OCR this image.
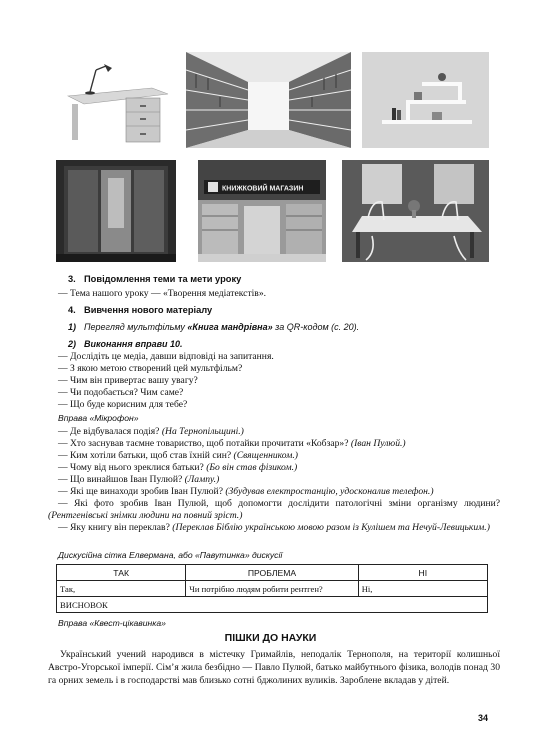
КНИЖКОВИЙ МАГАЗИН
3. Повідомлення теми та мети уроку
— Тема нашого уроку — «Творення медіатекстів».
4. Вивчення нового матеріалу
1) Перегляд мультфільму «Книга мандрівна» за QR-кодом (с. 20).
2) Виконання вправи 10.
— Дослідіть це медіа, давши відповіді на запитання.
— З якою метою створений цей мультфільм?
— Чим він привертає вашу увагу?
— Чи подобається? Чим саме?
— Що буде корисним для тебе?
Вправа «Мікрофон»
— Де відбувалася подія? (На Тернопільщині.)
— Хто заснував таємне товариство, щоб потайки прочитати «Кобзар»? (Іван Пулюй.)
— Ким хотіли батьки, щоб став їхній син? (Священником.)
— Чому від нього зреклися батьки? (Бо він став фізиком.)
— Що винайшов Іван Пулюй? (Лампу.)
— Які ще винаходи зробив Іван Пулюй? (Збудував електростанцію, удосконалив телефон.)
— Які фото зробив Іван Пулюй, щоб допомогти дослідити патологічні зміни організму людини? (Рентгенівські знімки людини на повний зріст.)
— Яку книгу він переклав? (Переклав Біблію українською мовою разом із Кулішем та Нечуй-Левицьким.)
Дискусійна сітка Елвермана, або «Павутинка» дискусії
ТАК	ПРОБЛЕМА	НІ
Так,	Чи потрібно людям робити рентген?	Ні,
ВИСНОВОК		
Вправа «Квест-цікавинка»
ПІШКИ ДО НАУКИ
Український учений народився в містечку Гримайлів, неподалік Тернополя, на території колишньої Австро-Угорської імперії. Сім’я жила безбідно — Павло Пулюй, батько майбутнього фізика, володів понад 30 га орних земель і в господарстві мав близько сотні бджолиних вуликів. Зароблене вкладав у дітей.
34
